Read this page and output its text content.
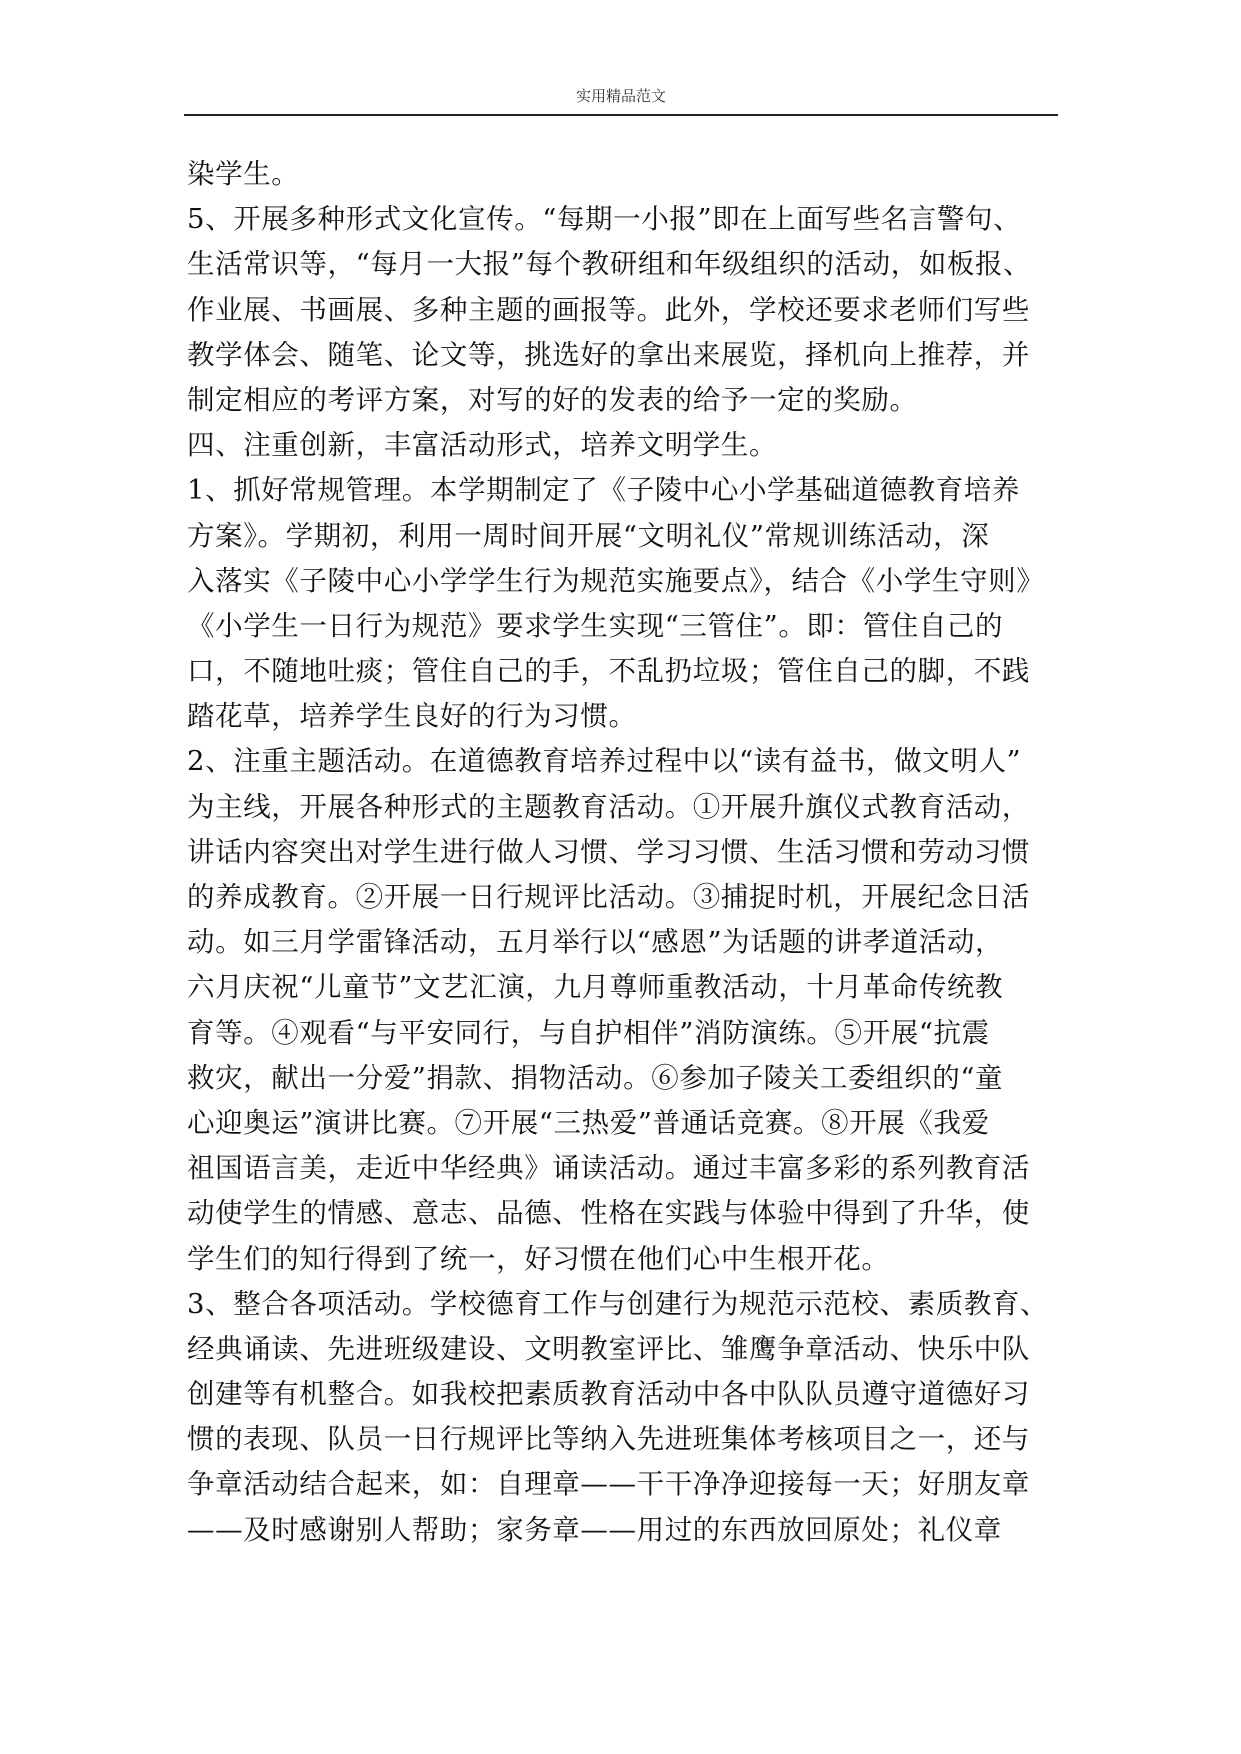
实用精品范文
染学生。
5、开展多种形式文化宣传。“每期一小报”即在上面写些名言警句、
生活常识等，“每月一大报”每个教研组和年级组织的活动，如板报、
作业展、书画展、多种主题的画报等。此外，学校还要求老师们写些
教学体会、随笔、论文等，挑选好的拿出来展览，择机向上推荐，并
制定相应的考评方案，对写的好的发表的给予一定的奖励。
四、注重创新，丰富活动形式，培养文明学生。
1、抓好常规管理。本学期制定了《子陵中心小学基础道德教育培养
方案》。学期初，利用一周时间开展“文明礼仪”常规训练活动，深
入落实《子陵中心小学学生行为规范实施要点》，结合《小学生守则》
《小学生一日行为规范》要求学生实现“三管住”。即：管住自己的
口，不随地吐痰；管住自己的手，不乱扔垃圾；管住自己的脚，不践
踏花草，培养学生良好的行为习惯。
2、注重主题活动。在道德教育培养过程中以“读有益书，做文明人”
为主线，开展各种形式的主题教育活动。①开展升旗仪式教育活动，
讲话内容突出对学生进行做人习惯、学习习惯、生活习惯和劳动习惯
的养成教育。②开展一日行规评比活动。③捕捉时机，开展纪念日活
动。如三月学雷锋活动，五月举行以“感恩”为话题的讲孝道活动，
六月庆祝“儿童节”文艺汇演，九月尊师重教活动，十月革命传统教
育等。④观看“与平安同行，与自护相伴”消防演练。⑤开展“抗震
救灾，献出一分爱”捐款、捐物活动。⑥参加子陵关工委组织的“童
心迎奥运”演讲比赛。⑦开展“三热爱”普通话竞赛。⑧开展《我爱
祖国语言美，走近中华经典》诵读活动。通过丰富多彩的系列教育活
动使学生的情感、意志、品德、性格在实践与体验中得到了升华，使
学生们的知行得到了统一，好习惯在他们心中生根开花。
3、整合各项活动。学校德育工作与创建行为规范示范校、素质教育、
经典诵读、先进班级建设、文明教室评比、雏鹰争章活动、快乐中队
创建等有机整合。如我校把素质教育活动中各中队队员遵守道德好习
惯的表现、队员一日行规评比等纳入先进班集体考核项目之一，还与
争章活动结合起来，如：自理章——干干净净迎接每一天；好朋友章
——及时感谢别人帮助；家务章——用过的东西放回原处；礼仪章
